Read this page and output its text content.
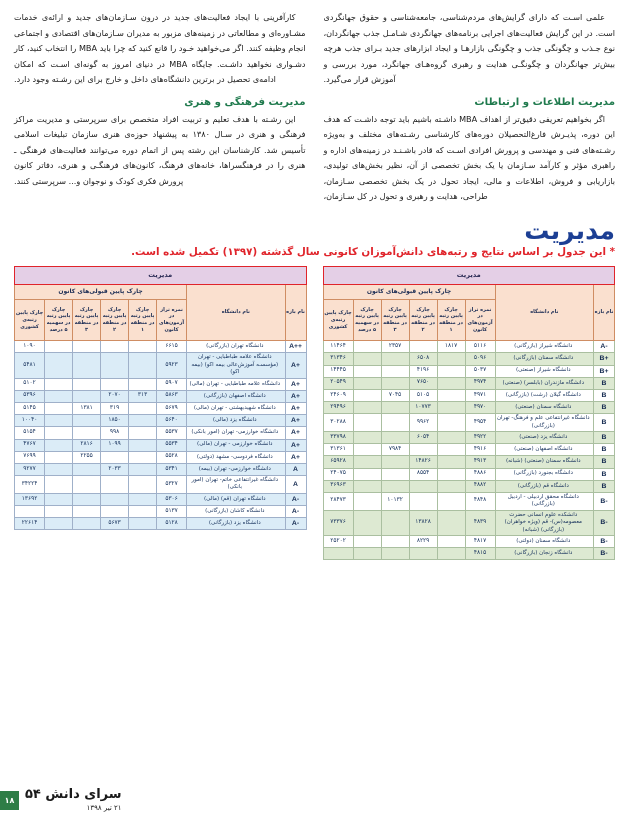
علمی اسـت که دارای گرایش‌های مردم‌شناسی، جامعه‌شناسی و حقوق جهانگردی است. در این گرایش فعالیت‌های اجرایی برنامه‌های جهانگردی شـامـل جذب جهانگردان، نوع جـذب و چگونگی جذب و چگونگی بازارهـا و ایجاد ابزارهای جدید بـرای جذب هرچه بیش‌تر جهانگردان و چگونگـی هدایت و رهبری گروه‌هـای جهانگرد، مورد بررسی و آموزش قرار می‌گیرد.

مدیریت اطلاعات و ارتباطات

اگر بخواهیم تعریفی دقیق‌تر از اهداف MBA داشـته باشیم باید توجه داشـت که هدف این دوره، پذیـرش فارغ‌التحصیلان دوره‌های کارشناسی رشـته‌های مختلف و به‌ویژه رشـته‌های فنی و مهندسی و پرورش افرادی اسـت که قادر باشـنـد در زمینه‌های اداره و راهبری مؤثر و کارآمد سـازمان یا یک بخش تخصصی از آن، نظیر بخش‌های تولیدی، بازاریابی و فروش، اطلاعات و مالی، ایجاد تحول در یک بخش تخصصی سـازمان، طراحی، هدایت و رهبری و تحول در کل سـازمان،

کارآفرینی با ایجاد فعالیت‌های جدید در درون سـازمان‌های جدید و ارائه‌ی خدمات مشـاوره‌ای و مطالعاتی در زمینه‌های مزبور به مدیران سـازمان‌های اقتصادی و اجتماعی انجام وظیفه کنند. اگر می‌خواهید خـود را قانع کنید که چرا باید MBA را انتخاب کنید، کار دشـواری نخواهید داشـت. جایگاه MBA در دنیای امروز به گونه‌ای اسـت که امکان ادامه‌ی تحصیل در برترین دانشگاه‌های داخل و خارج برای این رشـته وجود دارد.

مدیریت فرهنگی و هنری

این رشـته با هدف تعلیم و تربیت افراد متخصص برای سرپرستی و مدیریت مراکز فرهنگی و هنری در سـال ۱۳۸۰ به پیشنهاد حوزه‌ی هنری سازمان تبلیغات اسلامی تأسیس شد. کارشناسان این رشته پس از اتمام دوره می‌توانند فعالیت‌های فرهنگی ـ هنری را در فرهنگسراها، خانه‌های فرهنگ، کانون‌های فرهنگـی و هنری، دفاتر کانون پرورش فکری کودک و نوجوان و... سرپرستی کنند.

مدیریت
* این جدول بر اساس نتایج و رتبه‌های دانش‌آموزان کانونی سال گذشته (۱۳۹۷) تکمیل شده است.
مدیریت							
نام بازه	نام دانشگاه	چارک پایین قبولی‌های کانون					
		نمره تراز در آزمون‌های کانون	چارک پایین رتبه در منطقه ۱	چارک پایین رتبه در منطقه ۲	چارک پایین رتبه در منطقه ۳	چارک پایین رتبه در سهمیه ۵ درصد	چارک پایین رتبه‌ی کشوری
A-	دانشگاه شیراز (بازرگانی)	۵۱۱۶	۱۸۱۷		۲۳۵۷		۱۱۴۶۴
B+	دانشگاه سمنان (بازرگانی)	۵۰۹۶		۶۵۰۸			۳۱۳۴۶
B+	دانشگاه شیراز (صنعتی)	۵۰۳۷		۴۱۹۶			۱۴۴۴۵
B	دانشگاه مازندران (بابلسر) (صنعتی)	۴۹۷۴		۷۶۵۰			۲۰۵۴۹
B	دانشگاه گیلان (رشت) (بازرگانی)	۴۹۷۱		۵۱۰۵	۷۰۴۵		۲۴۶۰۹
B	دانشگاه سمنان (صنعتی)	۴۹۷۰		۱۰۷۷۳			۲۹۴۹۶
B	دانشگاه غیرانتفاعی علم و فرهنگ- تهران (بازرگانی)	۴۹۵۴		۹۹۶۲			۳۰۲۸۸
B	دانشگاه یزد (صنعتی)	۴۹۲۲		۶۰۵۴			۳۳۷۹۸
B	دانشگاه اصفهان (صنعتی)	۴۹۱۶			۷۹۸۴		۳۱۳۶۱
B	دانشگاه سمنان (صنعتی) (شبانه)	۴۹۱۳		۱۴۸۲۶			۶۵۹۲۸
B	دانشگاه بجنورد (بازرگانی)	۴۸۸۶		۸۵۵۴			۲۴۰۷۵
B	دانشگاه قم (بازرگانی)	۴۸۸۲					۳۶۹۶۳
B-	دانشگاه محقق اردبیلی - اردبیل (بازرگانی)	۴۸۴۸			۱۰۱۳۲		۲۸۴۷۳
B-	دانشکده علوم انسانی حضرت معصومه(س)- قم (ویژه خواهران) (بازرگانی) (شبانه)	۴۸۳۹		۱۳۸۲۸			۷۳۳۷۶
B-	دانشگاه سمنان (دولتی)	۴۸۱۷		۸۲۲۹			۲۵۲۰۲
B-	دانشگاه زنجان (بازرگانی)	۴۸۱۵					
مدیریت							
نام بازه	نام دانشگاه	چارک پایین قبولی‌های کانون					
		نمره تراز در آزمون‌های کانون	چارک پایین رتبه در منطقه ۱	چارک پایین رتبه در منطقه ۲	چارک پایین رتبه در منطقه ۳	چارک پایین رتبه در سهمیه ۵ درصد	چارک پایین رتبه‌ی کشوری
A++	دانشگاه تهران (بازرگانی)	۶۶۱۵					۱۰۹۰
A+	دانشگاه علامه طباطبایی - تهران (مؤسسـه آموزش‌عالی بیمه اکو) (بیمه اکو)	۵۹۲۳					۵۴۸۱
A+	دانشگاه علامه طباطبایی - تهران (مالی)	۵۹۰۷					۵۱۰۲
A+	دانشگاه اصفهان (بازرگانی)	۵۸۶۳	۳۱۳	۲۰۷۰			۵۳۹۶
A+	دانشگاه شهیدبهشتی - تهران (مالی)	۵۶۷۹		۳۱۹	۱۳۸۱		۵۱۴۵
A+	دانشگاه یزد (مالی)	۵۶۴۰		۱۸۵۰			۱۰۰۴۰
A+	دانشگاه خوارزمی- تهران (امور بانکی)	۵۵۳۷		۹۹۸			۵۱۵۴
A+	دانشگاه خوارزمی - تهران (مالی)	۵۵۳۴		۱۰۹۹	۲۸۱۶		۴۷۶۷
A+	دانشگاه فردوسی- مشهد (دولتی)	۵۵۲۸			۲۲۵۵		۷۶۹۹
A	دانشگاه خوارزمی- تهران (بیمه)	۵۳۴۱		۲۰۳۳			۹۲۷۷
A	دانشگاه غیرانتفاعی خاتم- تهران (امور بانکی)	۵۳۲۷					۳۴۲۲۴
A-	دانشگاه تهران (قم) (مالی)	۵۳۰۶					۱۳۶۹۲
A-	دانشگاه کاشان (بازرگانی)	۵۱۳۷					
A-	دانشگاه یزد (بازرگانی)	۵۱۲۸		۵۶۷۳			۲۲۶۱۴
سرای دانش ۵۴
۲۱ تیر ۱۳۹۸
۱۸
